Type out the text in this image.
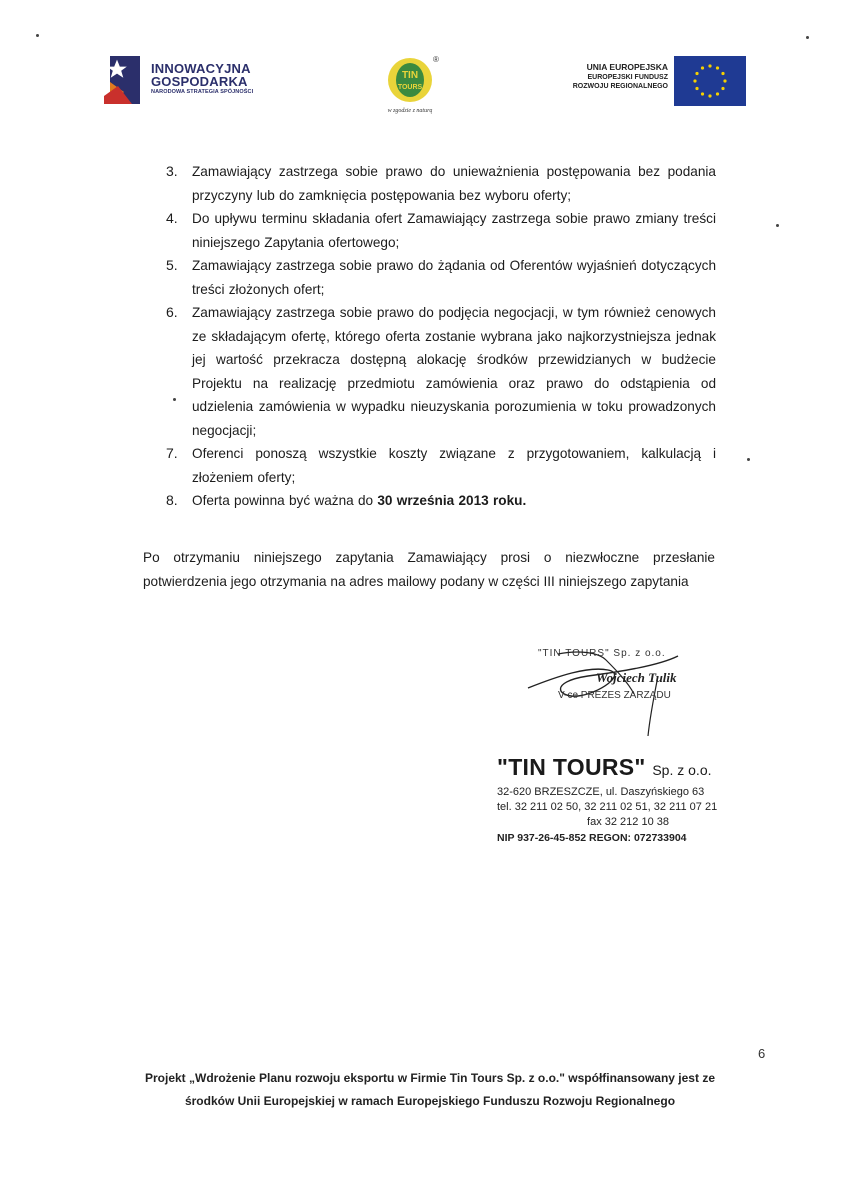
INNOWACYJNA
GOSPODARKA
NARODOWA STRATEGIA SPÓJNOŚCI
TIN
TOURS
®
w zgodzie z naturą
UNIA EUROPEJSKA
EUROPEJSKI FUNDUSZ
ROZWOJU REGIONALNEGO
3. Zamawiający zastrzega sobie prawo do unieważnienia postępowania bez podania przyczyny lub do zamknięcia postępowania bez wyboru oferty;
4. Do upływu terminu składania ofert Zamawiający zastrzega sobie prawo zmiany treści niniejszego Zapytania ofertowego;
5. Zamawiający zastrzega sobie prawo do żądania od Oferentów wyjaśnień dotyczących treści złożonych ofert;
6. Zamawiający zastrzega sobie prawo do podjęcia negocjacji, w tym również cenowych ze składającym ofertę, którego oferta zostanie wybrana jako najkorzystniejsza jednak jej wartość przekracza dostępną alokację środków przewidzianych w budżecie Projektu na realizację przedmiotu zamówienia oraz prawo do odstąpienia od udzielenia zamówienia w wypadku nieuzyskania porozumienia w toku prowadzonych negocjacji;
7. Oferenci ponoszą wszystkie koszty związane z przygotowaniem, kalkulacją i złożeniem oferty;
8. Oferta powinna być ważna do 30 września 2013 roku.

Po otrzymaniu niniejszego zapytania Zamawiający prosi o niezwłoczne przesłanie potwierdzenia jego otrzymania na adres mailowy podany w części III niniejszego zapytania

"TIN TOURS" Sp. z o.o.
Wojciech Tulik
V-ce PREZES ZARZĄDU
"TIN TOURS" Sp. z o.o.
32-620 BRZESZCZE, ul. Daszyńskiego 63
tel. 32 211 02 50, 32 211 02 51, 32 211 07 21
fax 32 212 10 38
NIP 937-26-45-852 REGON: 072733904
6
Projekt „Wdrożenie Planu rozwoju eksportu w Firmie Tin Tours Sp. z o.o." współfinansowany jest ze
środków Unii Europejskiej w ramach Europejskiego Funduszu Rozwoju Regionalnego
